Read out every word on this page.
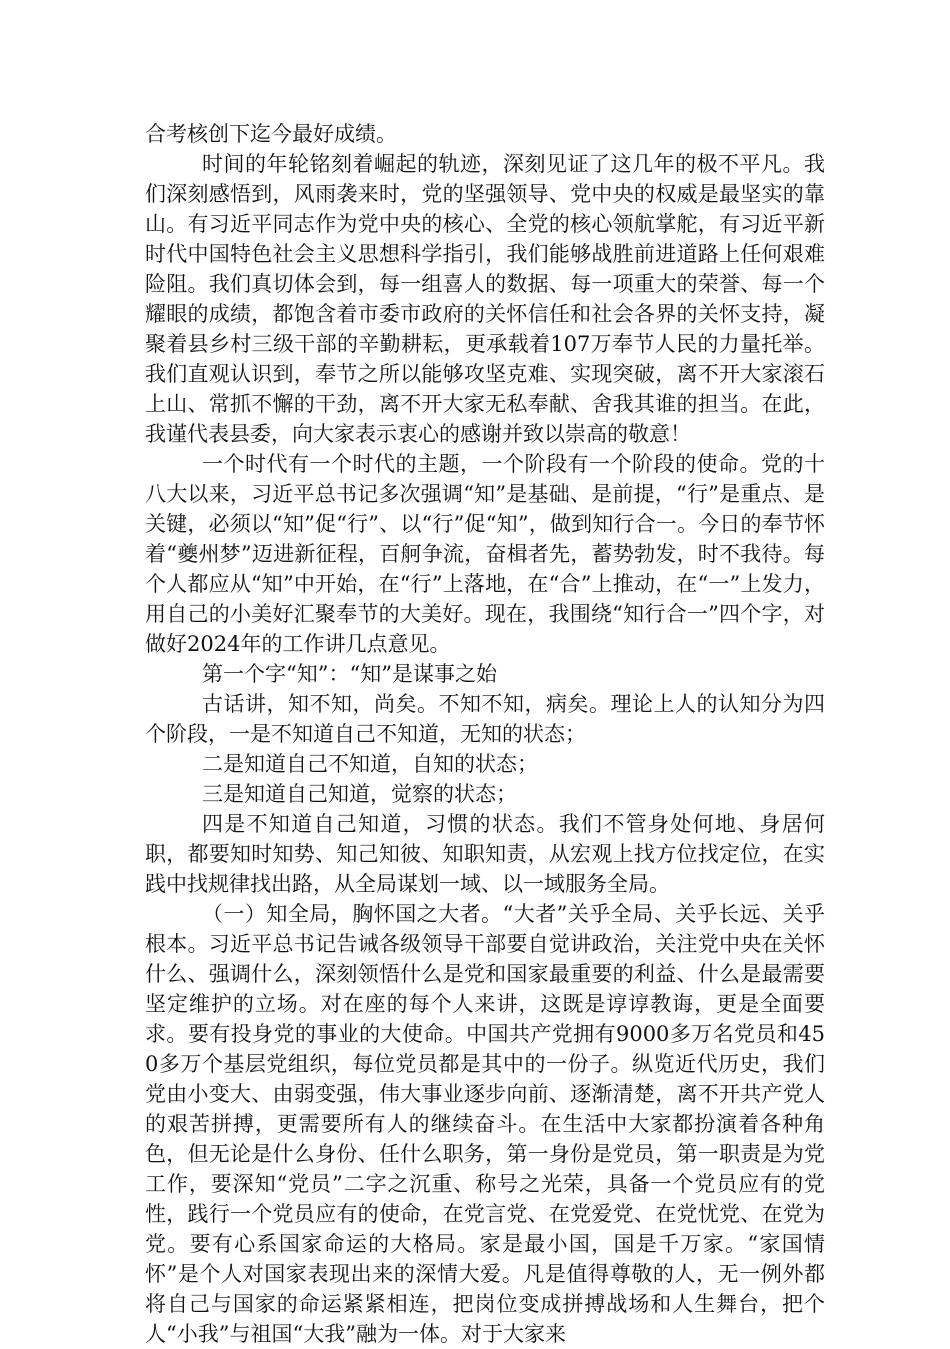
合考核创下迄今最好成绩。

时间的年轮铭刻着崛起的轨迹，深刻见证了这几年的极不平凡。我们深刻感悟到，风雨袭来时，党的坚强领导、党中央的权威是最坚实的靠山。有习近平同志作为党中央的核心、全党的核心领航掌舵，有习近平新时代中国特色社会主义思想科学指引，我们能够战胜前进道路上任何艰难险阻。我们真切体会到，每一组喜人的数据、每一项重大的荣誉、每一个耀眼的成绩，都饱含着市委市政府的关怀信任和社会各界的关怀支持，凝聚着县乡村三级干部的辛勤耕耘，更承载着107万奉节人民的力量托举。我们直观认识到，奉节之所以能够攻坚克难、实现突破，离不开大家滚石上山、常抓不懈的干劲，离不开大家无私奉献、舍我其谁的担当。在此，我谨代表县委，向大家表示衷心的感谢并致以崇高的敬意！

一个时代有一个时代的主题，一个阶段有一个阶段的使命。党的十八大以来，习近平总书记多次强调“知”是基础、是前提，“行”是重点、是关键，必须以“知”促“行”、以“行”促“知”，做到知行合一。今日的奉节怀着“夔州梦”迈进新征程，百舸争流，奋楫者先，蓄势勃发，时不我待。每个人都应从“知”中开始，在“行”上落地，在“合”上推动，在“一”上发力，用自己的小美好汇聚奉节的大美好。现在，我围绕“知行合一”四个字，对做好2024年的工作讲几点意见。

第一个字“知”：“知”是谋事之始

古话讲，知不知，尚矣。不知不知，病矣。理论上人的认知分为四个阶段，一是不知道自己不知道，无知的状态；

二是知道自己不知道，自知的状态；

三是知道自己知道，觉察的状态；

四是不知道自己知道，习惯的状态。我们不管身处何地、身居何职，都要知时知势、知己知彼、知职知责，从宏观上找方位找定位，在实践中找规律找出路，从全局谋划一域、以一域服务全局。

（一）知全局，胸怀国之大者。“大者”关乎全局、关乎长远、关乎根本。习近平总书记告诫各级领导干部要自觉讲政治，关注党中央在关怀什么、强调什么，深刻领悟什么是党和国家最重要的利益、什么是最需要坚定维护的立场。对在座的每个人来讲，这既是谆谆教诲，更是全面要求。要有投身党的事业的大使命。中国共产党拥有9000多万名党员和450多万个基层党组织，每位党员都是其中的一份子。纵览近代历史，我们党由小变大、由弱变强，伟大事业逐步向前、逐渐清楚，离不开共产党人的艰苦拼搏，更需要所有人的继续奋斗。在生活中大家都扮演着各种角色，但无论是什么身份、任什么职务，第一身份是党员，第一职责是为党工作，要深知“党员”二字之沉重、称号之光荣，具备一个党员应有的党性，践行一个党员应有的使命，在党言党、在党爱党、在党忧党、在党为党。要有心系国家命运的大格局。家是最小国，国是千万家。“家国情怀”是个人对国家表现出来的深情大爱。凡是值得尊敬的人，无一例外都将自己与国家的命运紧紧相连，把岗位变成拼搏战场和人生舞台，把个人“小我”与祖国“大我”融为一体。对于大家来
